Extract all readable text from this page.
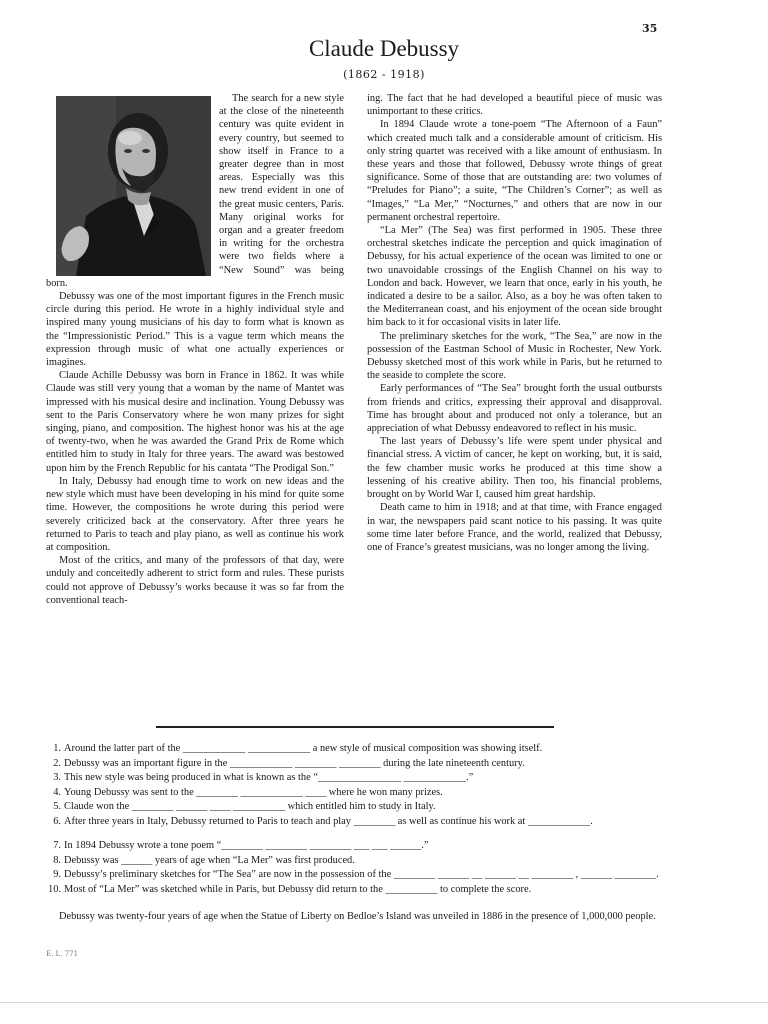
35
Claude Debussy
(1862 - 1918)

The search for a new style at the close of the nineteenth century was quite evident in every country, but seemed to show itself in France to a greater degree than in most areas. Especially was this new trend evident in one of the great music centers, Paris. Many original works for organ and a greater freedom in writing for the orchestra were two fields where a “New Sound” was being born.

Debussy was one of the most important figures in the French music circle during this period. He wrote in a highly individual style and inspired many young musicians of his day to form what is known as the “Impressionistic Period.” This is a vague term which means the expression through music of what one actually experiences or imagines.

Claude Achille Debussy was born in France in 1862. It was while Claude was still very young that a woman by the name of Mantet was impressed with his musical desire and inclination. Young Debussy was sent to the Paris Conservatory where he won many prizes for sight singing, piano, and composition. The highest honor was his at the age of twenty-two, when he was awarded the Grand Prix de Rome which entitled him to study in Italy for three years. The award was bestowed upon him by the French Republic for his cantata “The Prodigal Son.”

In Italy, Debussy had enough time to work on new ideas and the new style which must have been developing in his mind for quite some time. However, the compositions he wrote during this period were severely criticized back at the conservatory. After three years he returned to Paris to teach and play piano, as well as continue his work at composition.

Most of the critics, and many of the professors of that day, were unduly and conceitedly adherent to strict form and rules. These purists could not approve of Debussy’s works because it was so far from the conventional teach-

ing. The fact that he had developed a beautiful piece of music was unimportant to these critics.

In 1894 Claude wrote a tone-poem “The Afternoon of a Faun” which created much talk and a considerable amount of criticism. His only string quartet was received with a like amount of enthusiasm. In these years and those that followed, Debussy wrote things of great significance. Some of those that are outstanding are: two volumes of “Preludes for Piano”; a suite, “The Children’s Corner”; as well as “Images,” “La Mer,” “Nocturnes,” and others that are now in our permanent orchestral repertoire.

“La Mer” (The Sea) was first performed in 1905. These three orchestral sketches indicate the perception and quick imagination of Debussy, for his actual experience of the ocean was limited to one or two unavoidable crossings of the English Channel on his way to London and back. However, we learn that once, early in his youth, he indicated a desire to be a sailor. Also, as a boy he was often taken to the Mediterranean coast, and his enjoyment of the ocean side brought him back to it for occasional visits in later life.

The preliminary sketches for the work, “The Sea,” are now in the possession of the Eastman School of Music in Rochester, New York. Debussy sketched most of this work while in Paris, but he returned to the seaside to complete the score.

Early performances of “The Sea” brought forth the usual outbursts from friends and critics, expressing their approval and disapproval. Time has brought about and produced not only a tolerance, but an appreciation of what Debussy endeavored to reflect in his music.

The last years of Debussy’s life were spent under physical and financial stress. A victim of cancer, he kept on working, but, it is said, the few chamber music works he produced at this time show a lessening of his creative ability. Then too, his financial problems, brought on by World War I, caused him great hardship.

Death came to him in 1918; and at that time, with France engaged in war, the newspapers paid scant notice to his passing. It was quite some time later before France, and the world, realized that Debussy, one of France’s greatest musicians, was no longer among the living.

1. Around the latter part of the ____________ ____________ a new style of musical composition was showing itself.
2. Debussy was an important figure in the ____________ ________ ________ during the late nineteenth century.
3. This new style was being produced in what is known as the “________________ ____________.”
4. Young Debussy was sent to the ________ ____________ ____ where he won many prizes.
5. Claude won the ________ ______ ____ __________ which entitled him to study in Italy.
6. After three years in Italy, Debussy returned to Paris to teach and play ________ as well as continue his work at ____________.
7. In 1894 Debussy wrote a tone poem “________ ________ ________ ___ ___ ______.”
8. Debussy was ______ years of age when “La Mer” was first produced.
9. Debussy’s preliminary sketches for “The Sea” are now in the possession of the ________ ______ __ ______ __ ________ , ______ ________.
10. Most of “La Mer” was sketched while in Paris, but Debussy did return to the __________ to complete the score.

Debussy was twenty-four years of age when the Statue of Liberty on Bedloe’s Island was unveiled in 1886 in the presence of 1,000,000 people.

E. L. 771
